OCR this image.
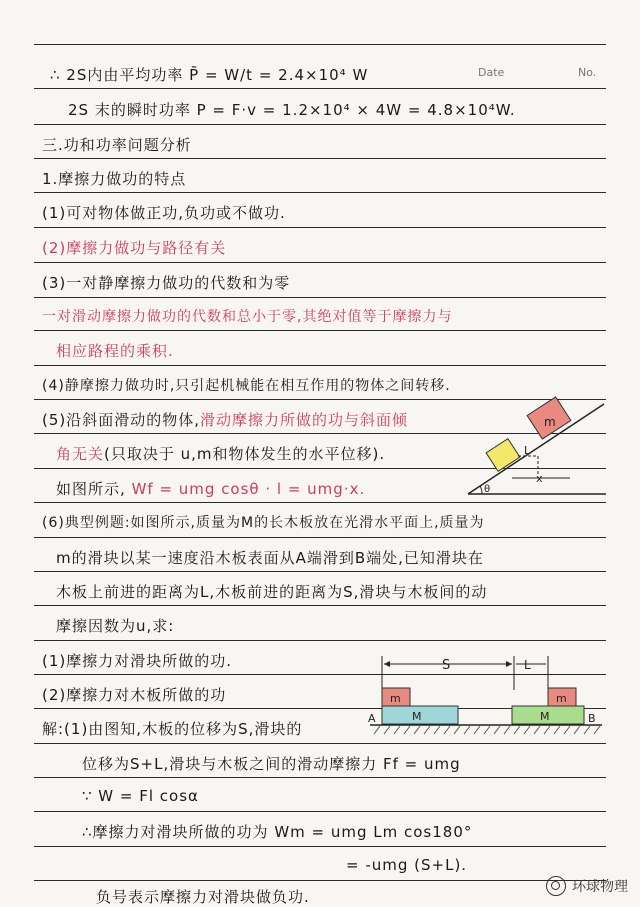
Date	No.
∴ 2S内由平均功率 P̄ = W/t = 2.4×10⁴ W
2S 末的瞬时功率 P = F·v = 1.2×10⁴ × 4W = 4.8×10⁴W.
三.功和功率问题分析
1.摩擦力做功的特点
(1)可对物体做正功,负功或不做功.
(2)摩擦力做功与路径有关
(3)一对静摩擦力做功的代数和为零
一对滑动摩擦力做功的代数和总小于零,其绝对值等于摩擦力与
相应路程的乘积.
(4)静摩擦力做功时,只引起机械能在相互作用的物体之间转移.
(5)沿斜面滑动的物体,滑动摩擦力所做的功与斜面倾
角无关(只取决于 u,m和物体发生的水平位移).
如图所示, Wf = umg cosθ · l = umg·x.
(6)典型例题:如图所示,质量为M的长木板放在光滑水平面上,质量为
m的滑块以某一速度沿木板表面从A端滑到B端处,已知滑块在
木板上前进的距离为L,木板前进的距离为S,滑块与木板间的动
摩擦因数为u,求:
(1)摩擦力对滑块所做的功.
(2)摩擦力对木板所做的功
解:(1)由图知,木板的位移为S,滑块的
位移为S+L,滑块与木板之间的滑动摩擦力 Ff = umg
∵ W = Fl cosα
∴摩擦力对滑块所做的功为 Wm = umg Lm cos180°
= -umg (S+L).
负号表示摩擦力对滑块做负功.
m
L
x
θ
S	L
m
M
A
m
M	B
环球物理
